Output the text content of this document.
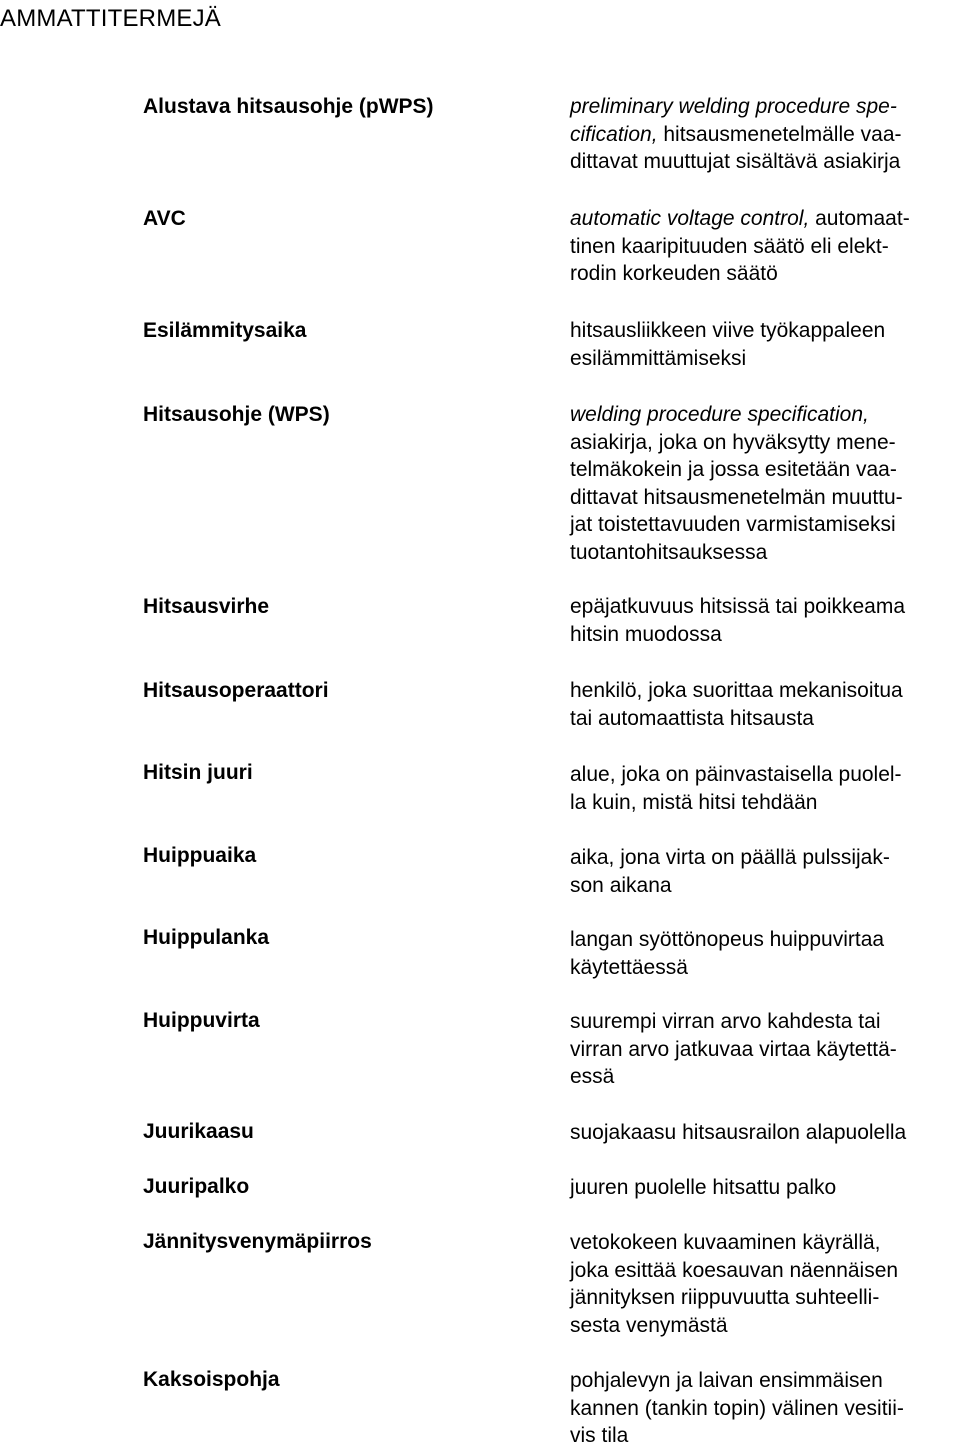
AMMATTITERMEJÄ
Alustava hitsausohje (pWPS)	preliminary welding procedure spe-
cification, hitsausmenetelmälle vaa-
dittavat muuttujat sisältävä asiakirja
AVC	automatic voltage control, automaat-
tinen kaaripituuden säätö eli elekt-
rodin korkeuden säätö
Esilämmitysaika	hitsausliikkeen viive työkappaleen
esilämmittämiseksi
Hitsausohje (WPS)	welding procedure specification,
asiakirja, joka on hyväksytty mene-
telmäkokein ja jossa esitetään vaa-
dittavat hitsausmenetelmän muuttu-
jat toistettavuuden varmistamiseksi
tuotantohitsauksessa
Hitsausvirhe	epäjatkuvuus hitsissä tai poikkeama
hitsin muodossa
Hitsausoperaattori	henkilö, joka suorittaa mekanisoitua
tai automaattista hitsausta
Hitsin juuri	alue, joka on päinvastaisella puolel-
la kuin, mistä hitsi tehdään
Huippuaika	aika, jona virta on päällä pulssijak-
son aikana
Huippulanka	langan syöttönopeus huippuvirtaa
käytettäessä
Huippuvirta	suurempi virran arvo kahdesta tai
virran arvo jatkuvaa virtaa käytettä-
essä
Juurikaasu	suojakaasu hitsausrailon alapuolella
Juuripalko	juuren puolelle hitsattu palko
Jännitysvenymäpiirros	vetokokeen kuvaaminen käyrällä,
joka esittää koesauvan näennäisen
jännityksen riippuvuutta suhteelli-
sesta venymästä
Kaksoispohja	pohjalevyn ja laivan ensimmäisen
kannen (tankin topin) välinen vesitii-
vis tila
